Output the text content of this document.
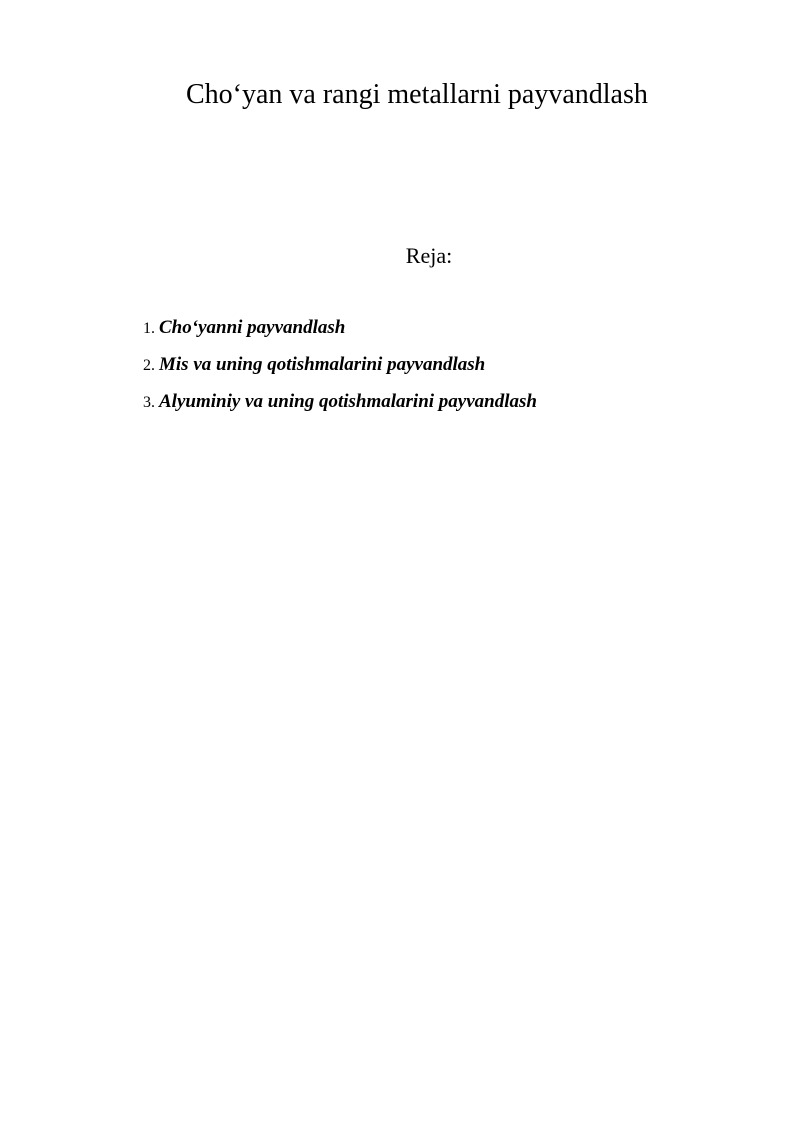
Cho‘yan va rangi metallarni payvandlash
Reja:
1. Cho‘yanni payvandlash
2. Mis va uning qotishmalarini payvandlash
3. Alyuminiy va uning qotishmalarini payvandlash
